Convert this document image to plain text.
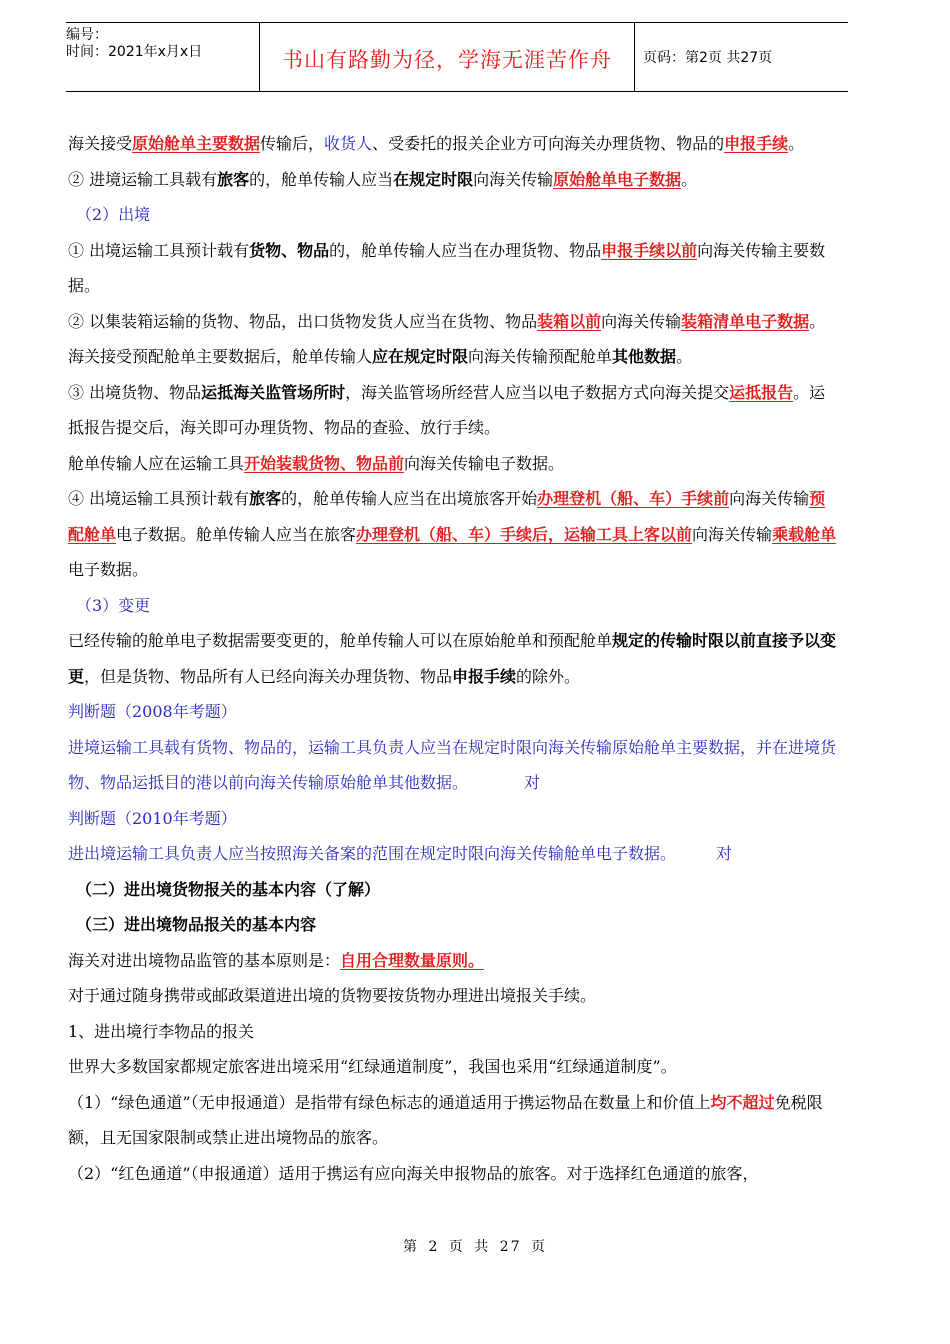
编号：
时间：2021年x月x日	书山有路勤为径，学海无涯苦作舟	页码：第2页 共27页

海关接受原始舱单主要数据传输后，收货人、受委托的报关企业方可向海关办理货物、物品的申报手续。

② 进境运输工具载有旅客的，舱单传输人应当在规定时限向海关传输原始舱单电子数据。

（2）出境

① 出境运输工具预计载有货物、物品的，舱单传输人应当在办理货物、物品申报手续以前向海关传输主要数据。

② 以集装箱运输的货物、物品，出口货物发货人应当在货物、物品装箱以前向海关传输装箱清单电子数据。海关接受预配舱单主要数据后，舱单传输人应在规定时限向海关传输预配舱单其他数据。

③ 出境货物、物品运抵海关监管场所时，海关监管场所经营人应当以电子数据方式向海关提交运抵报告。运抵报告提交后，海关即可办理货物、物品的查验、放行手续。

舱单传输人应在运输工具开始装载货物、物品前向海关传输电子数据。

④ 出境运输工具预计载有旅客的，舱单传输人应当在出境旅客开始办理登机（船、车）手续前向海关传输预配舱单电子数据。舱单传输人应当在旅客办理登机（船、车）手续后，运输工具上客以前向海关传输乘载舱单电子数据。

（3）变更

已经传输的舱单电子数据需要变更的，舱单传输人可以在原始舱单和预配舱单规定的传输时限以前直接予以变更，但是货物、物品所有人已经向海关办理货物、物品申报手续的除外。

判断题（2008年考题）

进境运输工具载有货物、物品的，运输工具负责人应当在规定时限向海关传输原始舱单主要数据，并在进境货物、物品运抵目的港以前向海关传输原始舱单其他数据。　　　　对

判断题（2010年考题）

进出境运输工具负责人应当按照海关备案的范围在规定时限向海关传输舱单电子数据。　　　对

（二）进出境货物报关的基本内容（了解）

（三）进出境物品报关的基本内容

海关对进出境物品监管的基本原则是：自用合理数量原则。

对于通过随身携带或邮政渠道进出境的货物要按货物办理进出境报关手续。

1、进出境行李物品的报关

世界大多数国家都规定旅客进出境采用“红绿通道制度”，我国也采用“红绿通道制度”。

（1）“绿色通道”（无申报通道）是指带有绿色标志的通道适用于携运物品在数量上和价值上均不超过免税限额，且无国家限制或禁止进出境物品的旅客。

（2）“红色通道”（申报通道）适用于携运有应向海关申报物品的旅客。对于选择红色通道的旅客，

第 2 页 共 27 页
